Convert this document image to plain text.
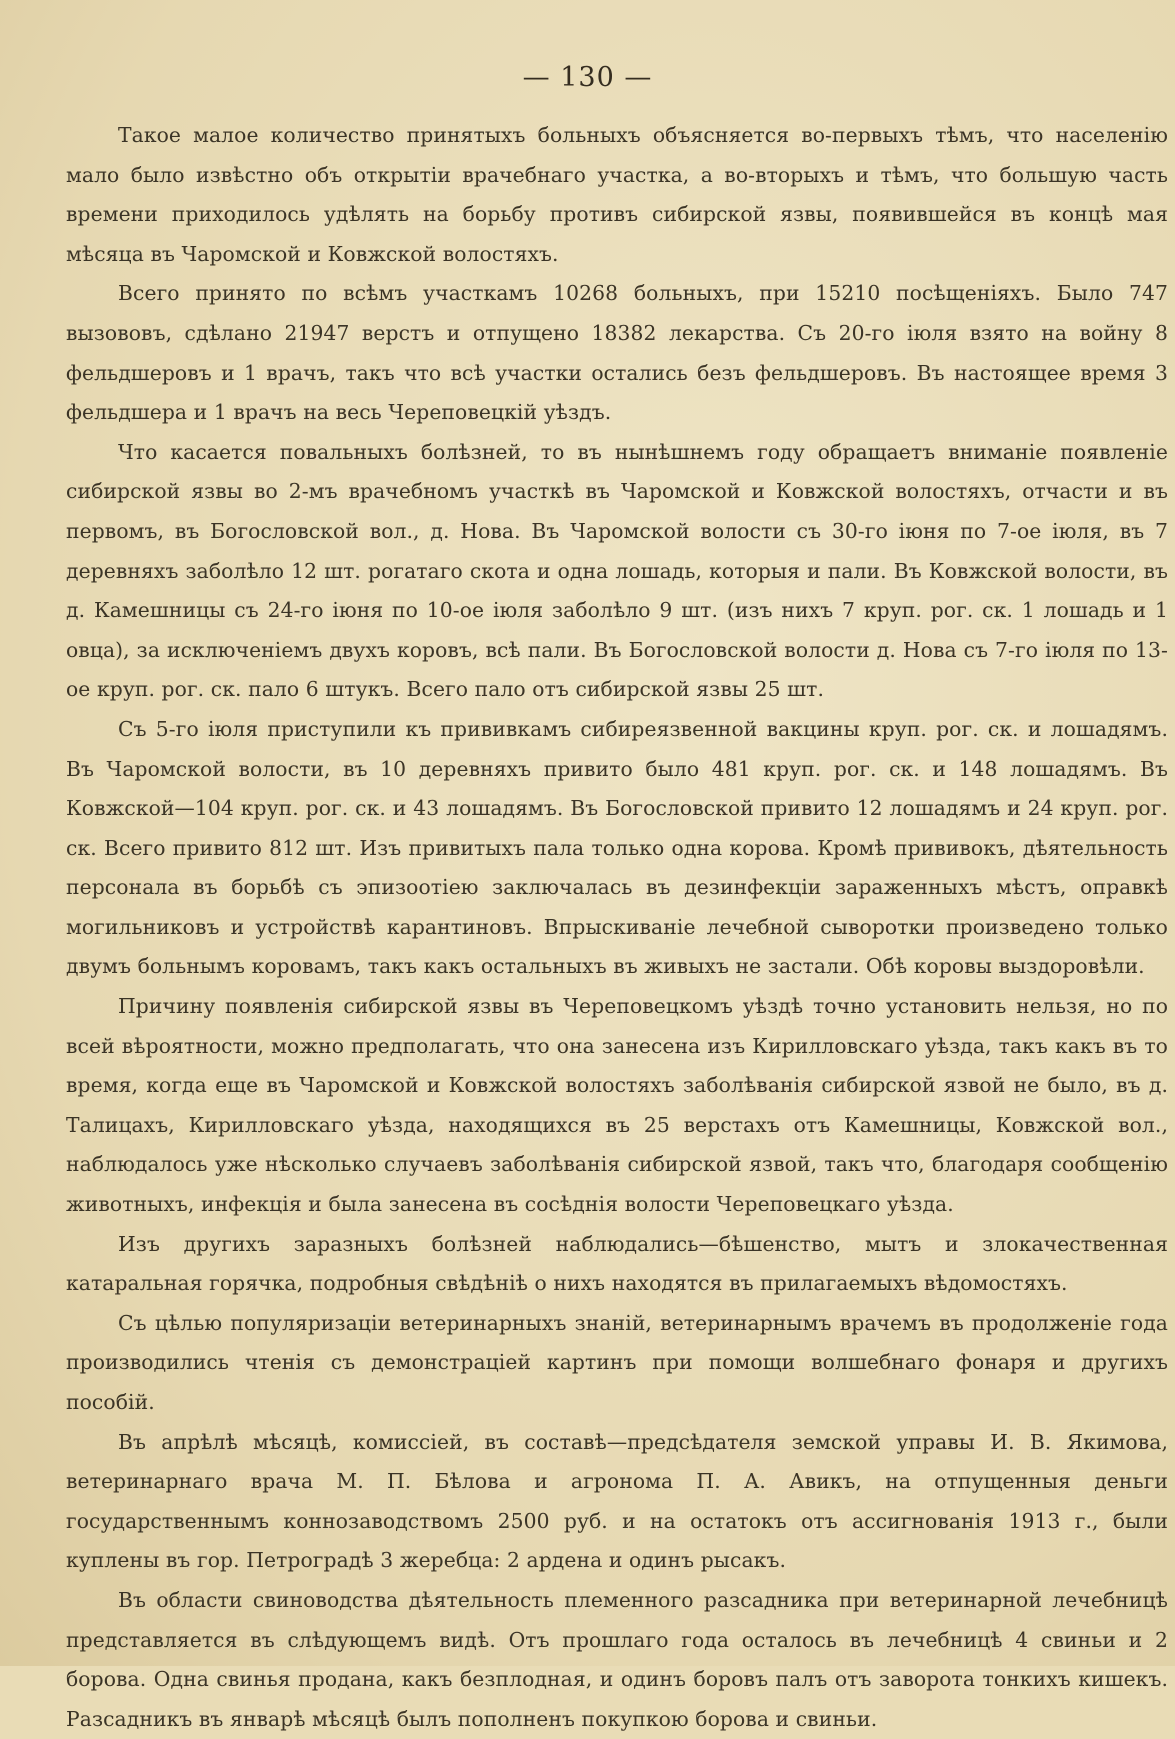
— 130 —

Такое малое количество принятыхъ больныхъ объясняется во-первыхъ тѣмъ, что населенію мало было извѣстно объ открытіи врачебнаго участка, а во-вторыхъ и тѣмъ, что большую часть времени приходилось удѣлять на борьбу противъ сибирской язвы, появившейся въ концѣ мая мѣсяца въ Чаромской и Ковжской волостяхъ.

Всего принято по всѣмъ участкамъ 10268 больныхъ, при 15210 посѣщеніяхъ. Было 747 вызововъ, сдѣлано 21947 верстъ и отпущено 18382 лекарства. Съ 20-го іюля взято на войну 8 фельдшеровъ и 1 врачъ, такъ что всѣ участки остались безъ фельдшеровъ. Въ настоящее время 3 фельдшера и 1 врачъ на весь Череповецкій уѣздъ.

Что касается повальныхъ болѣзней, то въ нынѣшнемъ году обращаетъ вниманіе появленіе сибирской язвы во 2-мъ врачебномъ участкѣ въ Чаромской и Ковжской волостяхъ, отчасти и въ первомъ, въ Богословской вол., д. Нова. Въ Чаромской волости съ 30-го іюня по 7-ое іюля, въ 7 деревняхъ заболѣло 12 шт. рогатаго скота и одна лошадь, которыя и пали. Въ Ковжской волости, въ д. Камешницы съ 24-го іюня по 10-ое іюля заболѣло 9 шт. (изъ нихъ 7 круп. рог. ск. 1 лошадь и 1 овца), за исключеніемъ двухъ коровъ, всѣ пали. Въ Богословской волости д. Нова съ 7-го іюля по 13-ое круп. рог. ск. пало 6 штукъ. Всего пало отъ сибирской язвы 25 шт.

Съ 5-го іюля приступили къ прививкамъ сибиреязвенной вакцины круп. рог. ск. и лошадямъ. Въ Чаромской волости, въ 10 деревняхъ привито было 481 круп. рог. ск. и 148 лошадямъ. Въ Ковжской—104 круп. рог. ск. и 43 лошадямъ. Въ Богословской привито 12 лошадямъ и 24 круп. рог. ск. Всего привито 812 шт. Изъ привитыхъ пала только одна корова. Кромѣ прививокъ, дѣятельность персонала въ борьбѣ съ эпизоотіею заключалась въ дезинфекціи зараженныхъ мѣстъ, оправкѣ могильниковъ и устройствѣ карантиновъ. Впрыскиваніе лечебной сыворотки произведено только двумъ больнымъ коровамъ, такъ какъ остальныхъ въ живыхъ не застали. Обѣ коровы выздоровѣли.

Причину появленія сибирской язвы въ Череповецкомъ уѣздѣ точно установить нельзя, но по всей вѣроятности, можно предполагать, что она занесена изъ Кирилловскаго уѣзда, такъ какъ въ то время, когда еще въ Чаромской и Ковжской волостяхъ заболѣванія сибирской язвой не было, въ д. Талицахъ, Кирилловскаго уѣзда, находящихся въ 25 верстахъ отъ Камешницы, Ковжской вол., наблюдалось уже нѣсколько случаевъ заболѣванія сибирской язвой, такъ что, благодаря сообщенію животныхъ, инфекція и была занесена въ сосѣднія волости Череповецкаго уѣзда.

Изъ другихъ заразныхъ болѣзней наблюдались—бѣшенство, мытъ и злокачественная катаральная горячка, подробныя свѣдѣніѣ о нихъ находятся въ прилагаемыхъ вѣдомостяхъ.

Съ цѣлью популяризаціи ветеринарныхъ знаній, ветеринарнымъ врачемъ въ продолженіе года производились чтенія съ демонстраціей картинъ при помощи волшебнаго фонаря и другихъ пособій.

Въ апрѣлѣ мѣсяцѣ, комиссіей, въ составѣ—предсѣдателя земской управы И. В. Якимова, ветеринарнаго врача М. П. Бѣлова и агронома П. А. Авикъ, на отпущенныя деньги государственнымъ коннозаводствомъ 2500 руб. и на остатокъ отъ ассигнованія 1913 г., были куплены въ гор. Петроградѣ 3 жеребца: 2 ардена и одинъ рысакъ.

Въ области свиноводства дѣятельность племенного разсадника при ветеринарной лечебницѣ представляется въ слѣдующемъ видѣ. Отъ прошлаго года осталось въ лечебницѣ 4 свиньи и 2 борова. Одна свинья продана, какъ безплодная, и одинъ боровъ палъ отъ заворота тонкихъ кишекъ. Разсадникъ въ январѣ мѣсяцѣ былъ пополненъ покупкою борова и свиньи.
